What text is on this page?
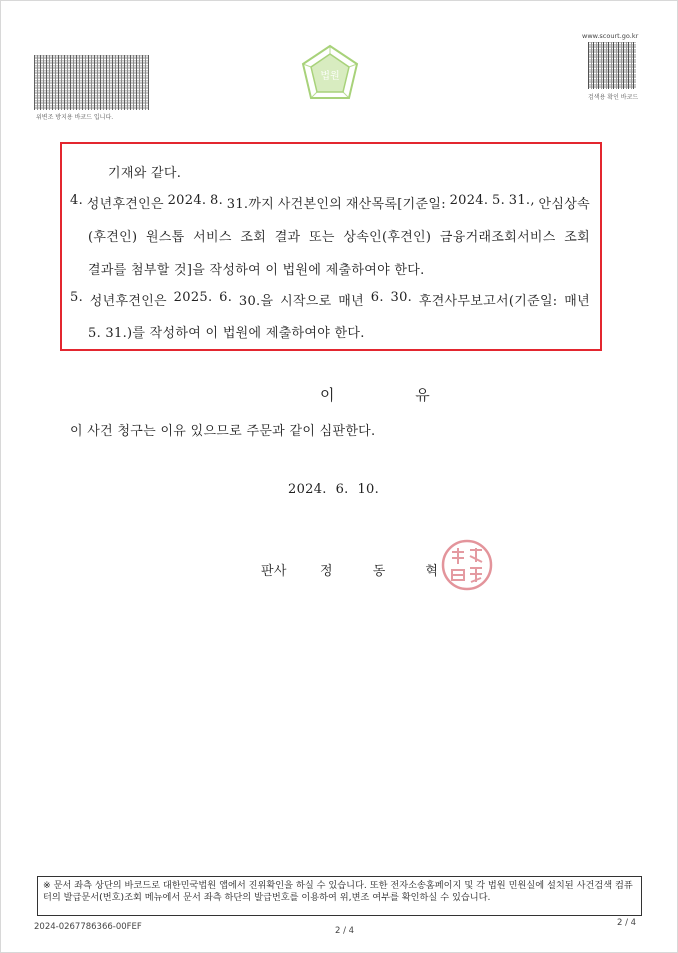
위변조 방지용 바코드 입니다.
www.scourt.go.kr
검색용 확인 바코드
법원
기재와 같다.
4. 성년후견인은 2024. 8. 31.까지 사건본인의 재산목록[기준일: 2024. 5. 31., 안심상속
(후견인) 원스톱 서비스 조회 결과 또는 상속인(후견인) 금융거래조회서비스 조회
결과를 첨부할 것]을 작성하여 이 법원에 제출하여야 한다.
5. 성년후견인은 2025. 6. 30.을 시작으로 매년 6. 30. 후견사무보고서(기준일: 매년
5. 31.)를 작성하여 이 법원에 제출하여야 한다.
이 유
이 사건 청구는 이유 있으므로 주문과 같이 심판한다.
2024.  6.  10.
판사	정 동 혁
※ 문서 좌측 상단의 바코드로 대한민국법원 앱에서 진위확인을 하실 수 있습니다. 또한 전자소송홈페이지 및 각 법원 민원실에 설치된 사건검색 컴퓨터의 발급문서(번호)조회 메뉴에서 문서 좌측 하단의 발급번호를 이용하여 위,변조 여부를 확인하실 수 있습니다.
2024-0267786366-00FEF	2 / 4
2 / 4
